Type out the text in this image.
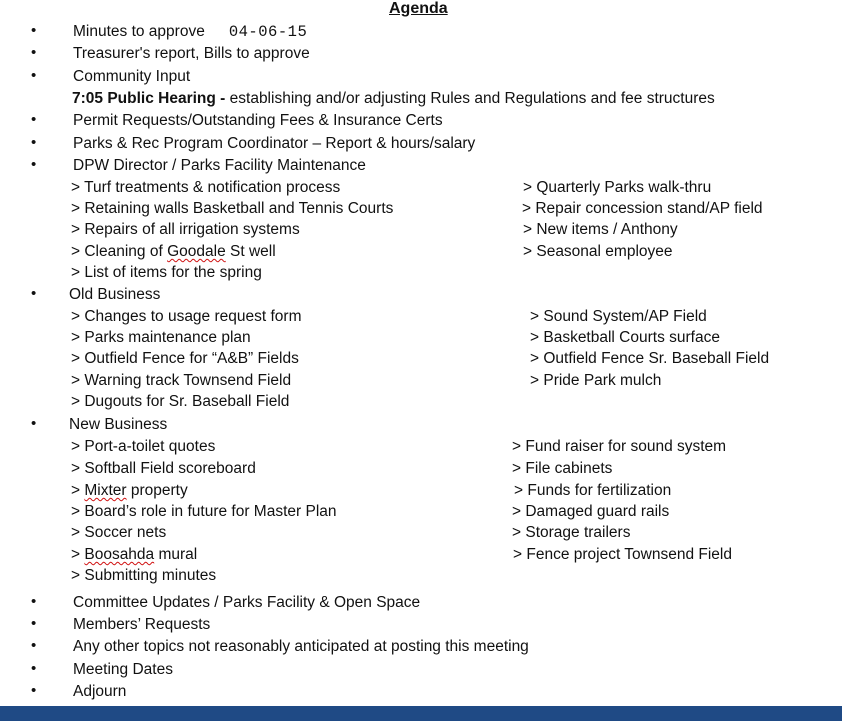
Agenda
• Minutes to approve 04-06-15
• Treasurer's report, Bills to approve
• Community Input
7:05 Public Hearing - establishing and/or adjusting Rules and Regulations and fee structures
• Permit Requests/Outstanding Fees & Insurance Certs
• Parks & Rec Program Coordinator – Report & hours/salary
• DPW Director / Parks Facility Maintenance
> Turf treatments & notification process
> Retaining walls Basketball and Tennis Courts
> Repairs of all irrigation systems
> Cleaning of Goodale St well
> List of items for the spring
> Quarterly Parks walk-thru
> Repair concession stand/AP field
> New items / Anthony
> Seasonal employee
• Old Business
> Changes to usage request form
> Parks maintenance plan
> Outfield Fence for “A&B” Fields
> Warning track Townsend Field
> Dugouts for Sr. Baseball Field
> Sound System/AP Field
> Basketball Courts surface
> Outfield Fence Sr. Baseball Field
> Pride Park mulch
• New Business
> Port-a-toilet quotes
> Softball Field scoreboard
> Mixter property
> Board’s role in future for Master Plan
> Soccer nets
> Boosahda mural
> Submitting minutes
> Fund raiser for sound system
> File cabinets
> Funds for fertilization
> Damaged guard rails
> Storage trailers
> Fence project Townsend Field
• Committee Updates / Parks Facility & Open Space
• Members’ Requests
• Any other topics not reasonably anticipated at posting this meeting
• Meeting Dates
• Adjourn
